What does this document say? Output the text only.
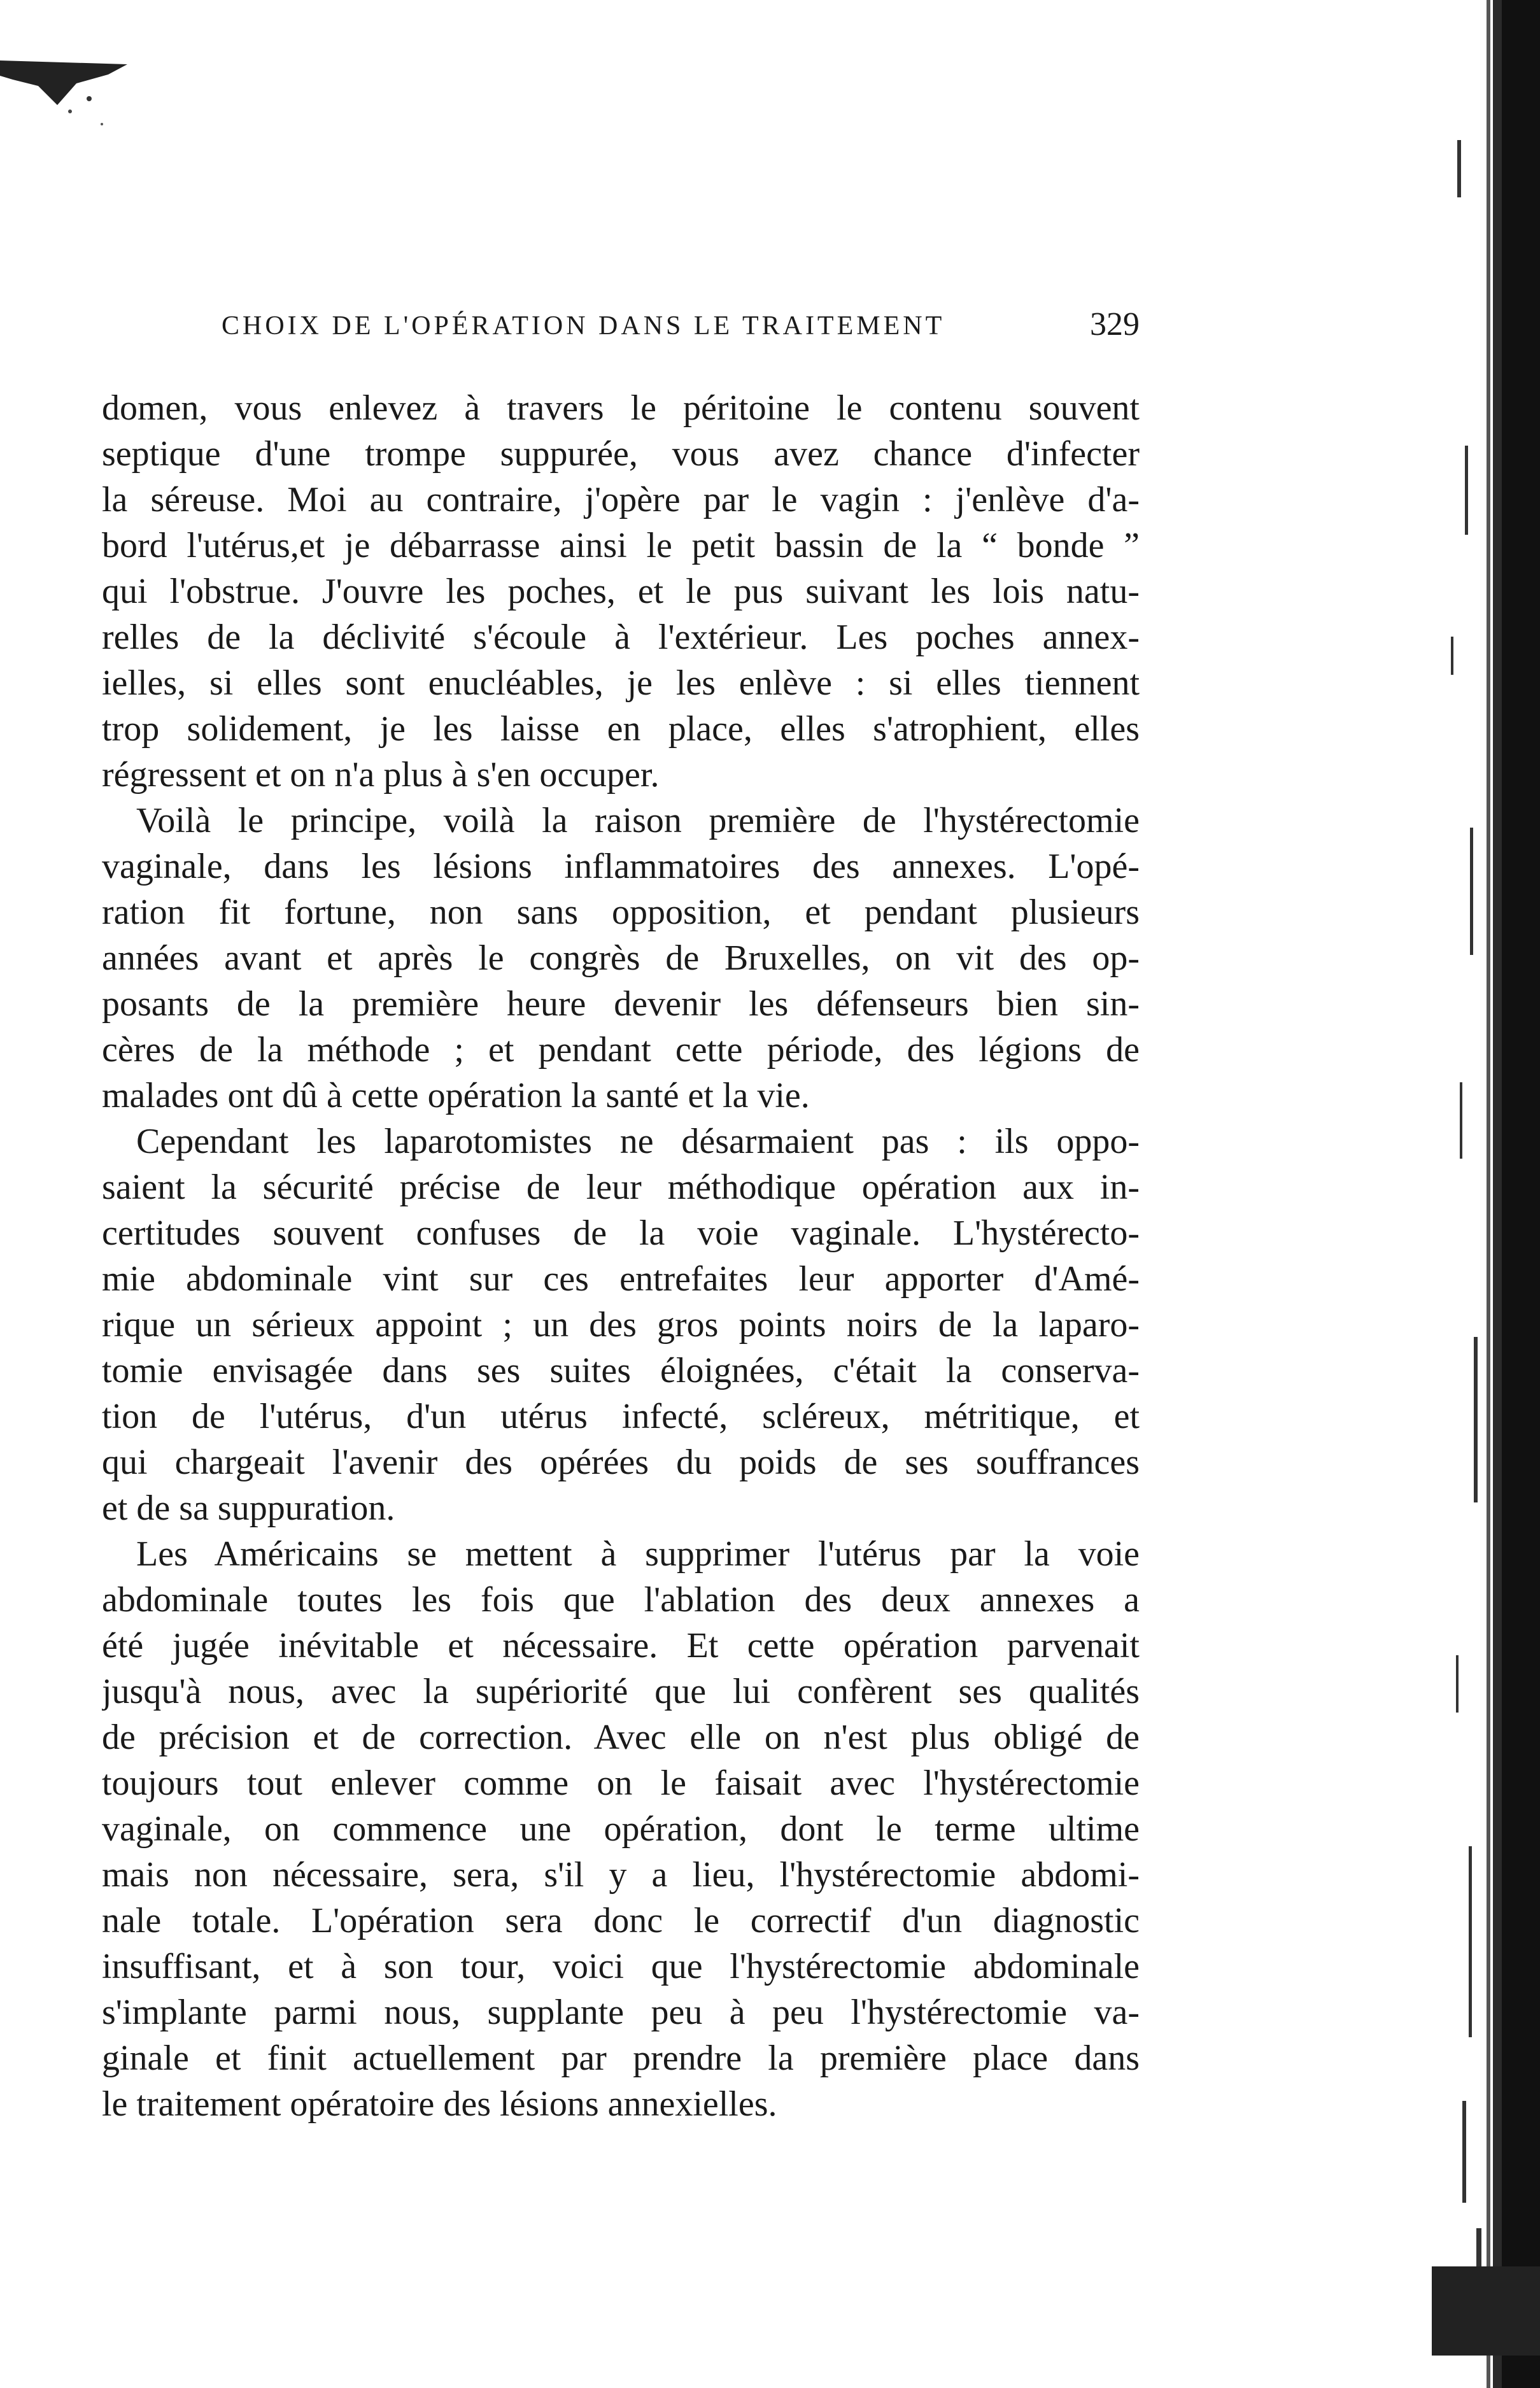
CHOIX DE L'OPÉRATION DANS LE TRAITEMENT	329
domen, vous enlevez à travers le péritoine le contenu souvent
septique d'une trompe suppurée, vous avez chance d'infecter
la séreuse. Moi au contraire, j'opère par le vagin : j'enlève d'a-
bord l'utérus,et je débarrasse ainsi le petit bassin de la “ bonde ”
qui l'obstrue. J'ouvre les poches, et le pus suivant les lois natu-
relles de la déclivité s'écoule à l'extérieur. Les poches annex-
ielles, si elles sont enucléables, je les enlève : si elles tiennent
trop solidement, je les laisse en place, elles s'atrophient, elles
régressent et on n'a plus à s'en occuper.
Voilà le principe, voilà la raison première de l'hystérectomie
vaginale, dans les lésions inflammatoires des annexes. L'opé-
ration fit fortune, non sans opposition, et pendant plusieurs
années avant et après le congrès de Bruxelles, on vit des op-
posants de la première heure devenir les défenseurs bien sin-
cères de la méthode ; et pendant cette période, des légions de
malades ont dû à cette opération la santé et la vie.
Cependant les laparotomistes ne désarmaient pas : ils oppo-
saient la sécurité précise de leur méthodique opération aux in-
certitudes souvent confuses de la voie vaginale. L'hystérecto-
mie abdominale vint sur ces entrefaites leur apporter d'Amé-
rique un sérieux appoint ; un des gros points noirs de la laparo-
tomie envisagée dans ses suites éloignées, c'était la conserva-
tion de l'utérus, d'un utérus infecté, scléreux, métritique, et
qui chargeait l'avenir des opérées du poids de ses souffrances
et de sa suppuration.
Les Américains se mettent à supprimer l'utérus par la voie
abdominale toutes les fois que l'ablation des deux annexes a
été jugée inévitable et nécessaire. Et cette opération parvenait
jusqu'à nous, avec la supériorité que lui confèrent ses qualités
de précision et de correction. Avec elle on n'est plus obligé de
toujours tout enlever comme on le faisait avec l'hystérectomie
vaginale, on commence une opération, dont le terme ultime
mais non nécessaire, sera, s'il y a lieu, l'hystérectomie abdomi-
nale totale. L'opération sera donc le correctif d'un diagnostic
insuffisant, et à son tour, voici que l'hystérectomie abdominale
s'implante parmi nous, supplante peu à peu l'hystérectomie va-
ginale et finit actuellement par prendre la première place dans
le traitement opératoire des lésions annexielles.
